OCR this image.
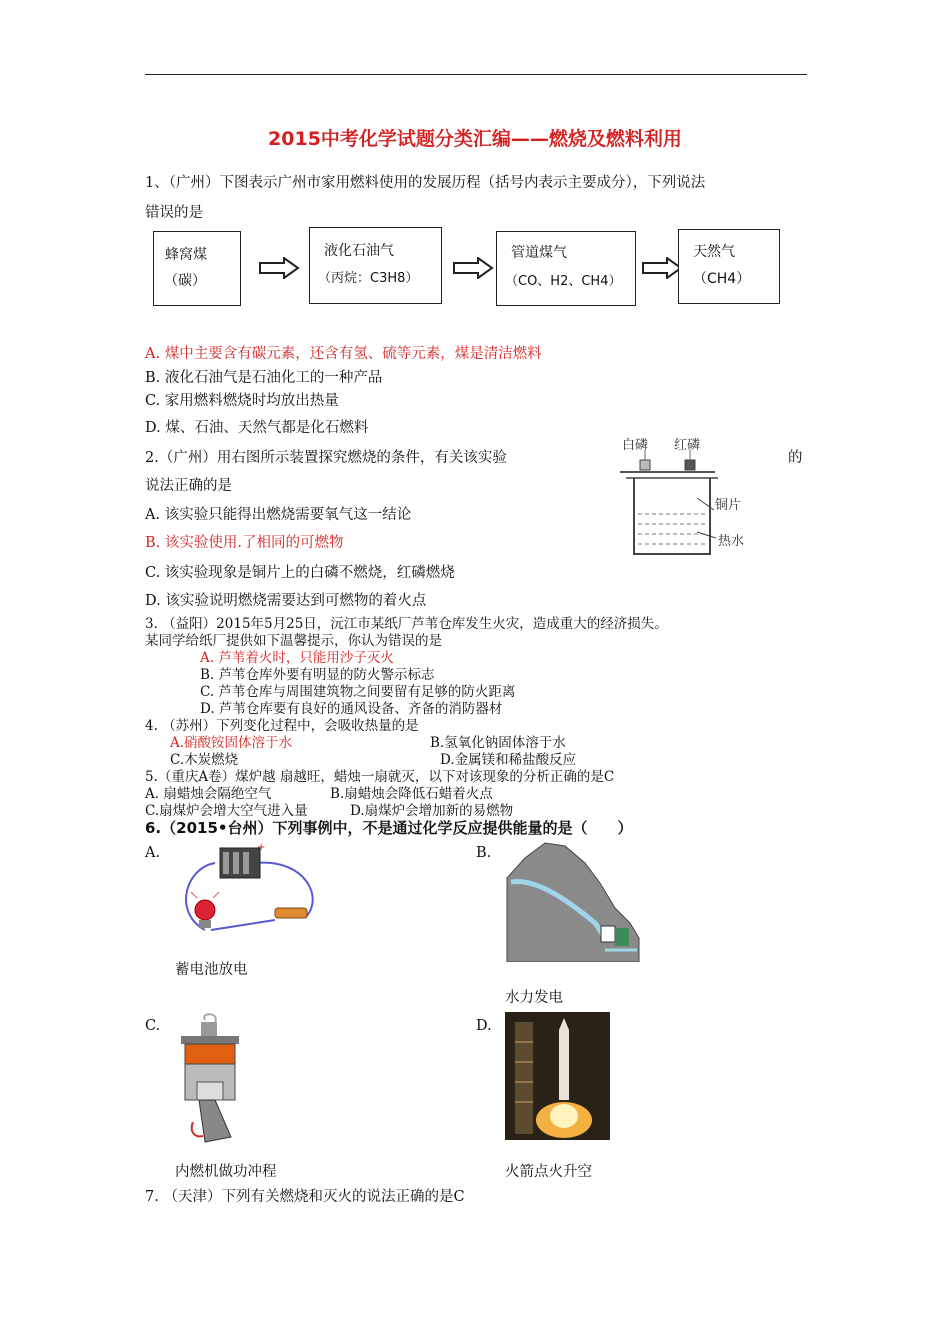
2015中考化学试题分类汇编——燃烧及燃料利用
1、（广州）下图表示广州市家用燃料使用的发展历程（括号内表示主要成分），下列说法
错误的是
蜂窝煤
（碳）
液化石油气
（丙烷：C3H8）
管道煤气
（CO、H2、CH4）
天然气
（CH4）
A. 煤中主要含有碳元素，还含有氢、硫等元素，煤是清洁燃料
B. 液化石油气是石油化工的一种产品
C. 家用燃料燃烧时均放出热量
D. 煤、石油、天然气都是化石燃料
2.（广州）用右图所示装置探究燃烧的条件，有关该实验	的
说法正确的是
白磷 红磷
铜片
热水
A. 该实验只能得出燃烧需要氧气这一结论
B. 该实验使用.了相同的可燃物
C. 该实验现象是铜片上的白磷不燃烧，红磷燃烧
D. 该实验说明燃烧需要达到可燃物的着火点
3. （益阳）2015年5月25日，沅江市某纸厂芦苇仓库发生火灾，造成重大的经济损失。
某同学给纸厂提供如下温馨提示，你认为错误的是
A. 芦苇着火时，只能用沙子灭火
B. 芦苇仓库外要有明显的防火警示标志
C. 芦苇仓库与周围建筑物之间要留有足够的防火距离
D. 芦苇仓库要有良好的通风设备、齐备的消防器材
4. （苏州）下列变化过程中，会吸收热量的是
A.硝酸铵固体溶于水	B.氢氧化钠固体溶于水
C.木炭燃烧	D.金属镁和稀盐酸反应
5.（重庆A卷）煤炉越 扇越旺，蜡烛一扇就灭，以下对该现象的分析正确的是C
A. 扇蜡烛会隔绝空气	B.扇蜡烛会降低石蜡着火点
C.扇煤炉会增大空气进入量	D.扇煤炉会增加新的易燃物
6.（2015•台州）下列事例中，不是通过化学反应提供能量的是（　　）
A.	+
蓄电池放电
B.
水力发电
C.
内燃机做功冲程
D.
火箭点火升空
7. （天津）下列有关燃烧和灭火的说法正确的是C
